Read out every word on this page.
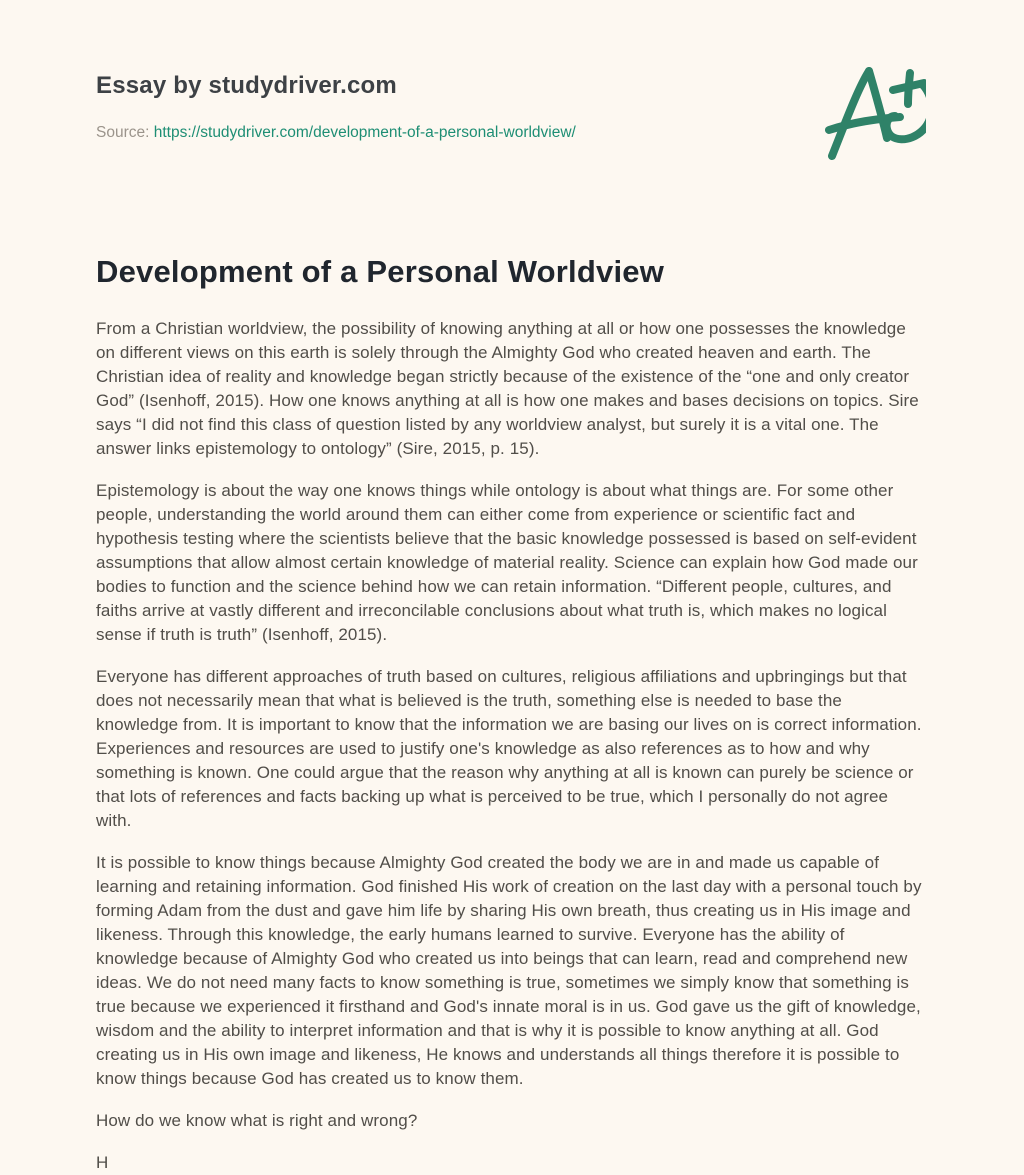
Essay by studydriver.com

Source: https://studydriver.com/development-of-a-personal-worldview/

Development of a Personal Worldview

From a Christian worldview, the possibility of knowing anything at all or how one possesses the knowledge on different views on this earth is solely through the Almighty God who created heaven and earth. The Christian idea of reality and knowledge began strictly because of the existence of the “one and only creator God” (Isenhoff, 2015). How one knows anything at all is how one makes and bases decisions on topics. Sire says “I did not find this class of question listed by any worldview analyst, but surely it is a vital one. The answer links epistemology to ontology” (Sire, 2015, p. 15).

Epistemology is about the way one knows things while ontology is about what things are. For some other people, understanding the world around them can either come from experience or scientific fact and hypothesis testing where the scientists believe that the basic knowledge possessed is based on self-evident assumptions that allow almost certain knowledge of material reality. Science can explain how God made our bodies to function and the science behind how we can retain information. “Different people, cultures, and faiths arrive at vastly different and irreconcilable conclusions about what truth is, which makes no logical sense if truth is truth” (Isenhoff, 2015).

Everyone has different approaches of truth based on cultures, religious affiliations and upbringings but that does not necessarily mean that what is believed is the truth, something else is needed to base the knowledge from. It is important to know that the information we are basing our lives on is correct information. Experiences and resources are used to justify one's knowledge as also references as to how and why something is known. One could argue that the reason why anything at all is known can purely be science or that lots of references and facts backing up what is perceived to be true, which I personally do not agree with.

It is possible to know things because Almighty God created the body we are in and made us capable of learning and retaining information. God finished His work of creation on the last day with a personal touch by forming Adam from the dust and gave him life by sharing His own breath, thus creating us in His image and likeness. Through this knowledge, the early humans learned to survive. Everyone has the ability of knowledge because of Almighty God who created us into beings that can learn, read and comprehend new ideas. We do not need many facts to know something is true, sometimes we simply know that something is true because we experienced it firsthand and God's innate moral is in us. God gave us the gift of knowledge, wisdom and the ability to interpret information and that is why it is possible to know anything at all. God creating us in His own image and likeness, He knows and understands all things therefore it is possible to know things because God has created us to know them.

How do we know what is right and wrong?

H
